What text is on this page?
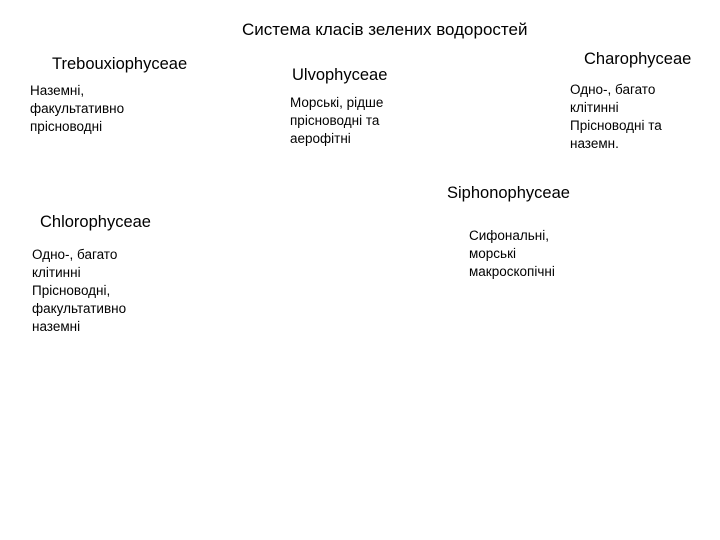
Система класів зелених водоростей
Trebouxiophyceae
Наземні,
факультативно
прісноводні
Ulvophyceae
Морські, рідше
прісноводні та
аерофітні
Charophyceae
Одно-, багато
клітинні
Прісноводні та
наземн.
Siphonophyceae
Сифональні,
морські
макроскопічні
Chlorophyceae
Одно-, багато
клітинні
Прісноводні,
факультативно
наземні
